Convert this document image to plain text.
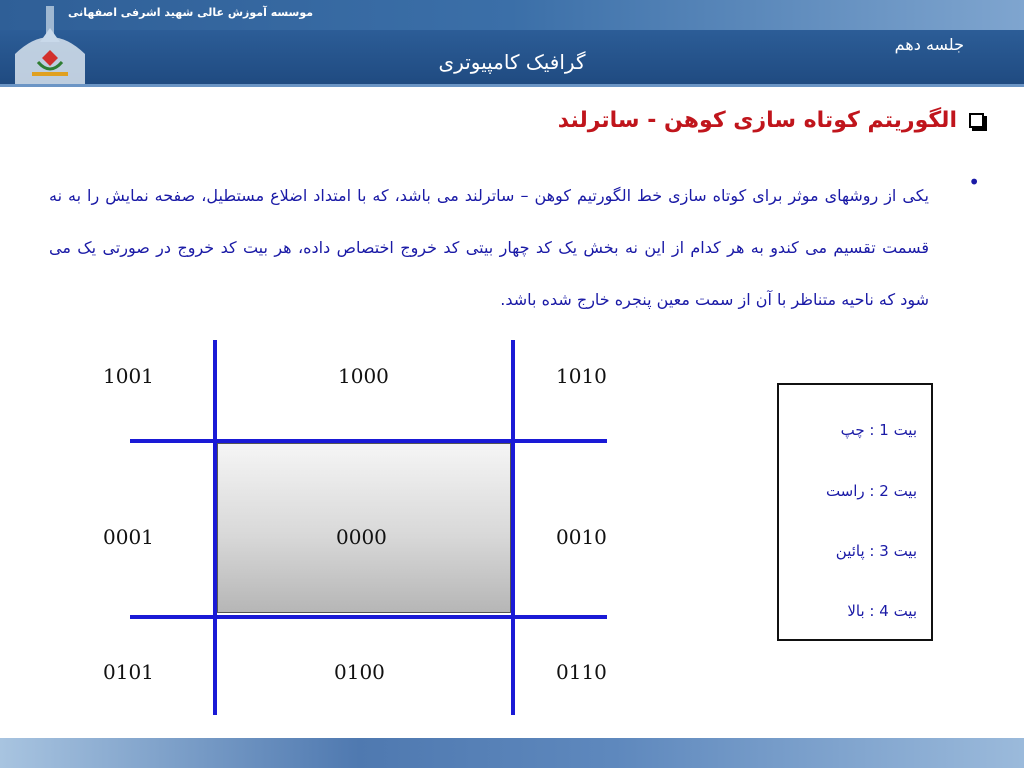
موسسه آموزش عالی شهید اشرفی اصفهانی
جلسه دهم
گرافیک کامپیوتری
الگوریتم کوتاه سازی کوهن - ساترلند
•
یکی از روشهای موثر برای کوتاه سازی خط الگورتیم کوهن – ساترلند می باشد، که با امتداد اضلاع مستطیل، صفحه نمایش را به نه قسمت تقسیم می کندو به هر کدام از این نه بخش یک کد چهار بیتی کد خروج اختصاص داده، هر بیت کد خروج در صورتی یک می شود که ناحیه متناظر با آن از سمت معین پنجره خارج شده باشد.
1001	1000	1010
0001	0000	0010
0101	0100	0110
بیت 1 : چپ
بیت 2 : راست
بیت 3 : پائین
بیت 4 : بالا
